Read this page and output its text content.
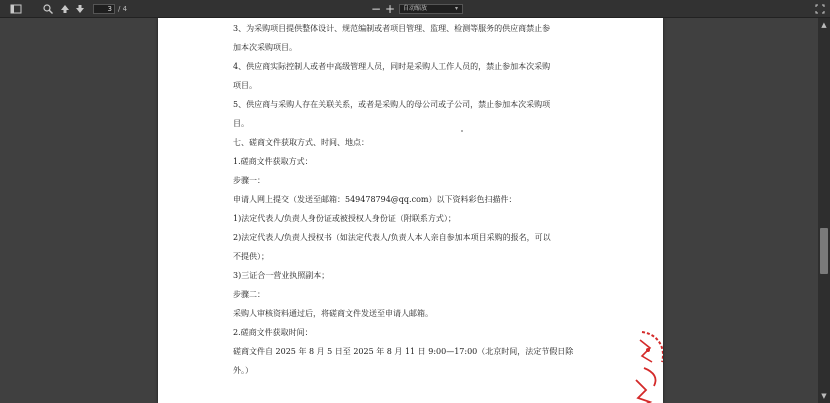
3 / 4	− +	自动缩放	▾
3、为采购项目提供整体设计、规范编制或者项目管理、监理、检测等服务的供应商禁止参
加本次采购项目。
4、供应商实际控制人或者中高级管理人员，同时是采购人工作人员的，禁止参加本次采购
项目。
5、供应商与采购人存在关联关系，或者是采购人的母公司或子公司，禁止参加本次采购项
目。
七、磋商文件获取方式、时间、地点：
1.磋商文件获取方式：
步骤一：
申请人网上提交（发送至邮箱：549478794@qq.com）以下资料彩色扫描件：
1)法定代表人/负责人身份证或被授权人身份证（附联系方式）；
2)法定代表人/负责人授权书（如法定代表人/负责人本人亲自参加本项目采购的报名，可以
不提供）；
3)三证合一营业执照副本；
步骤二：
采购人审核资料通过后，将磋商文件发送至申请人邮箱。
2.磋商文件获取时间：
磋商文件自 2025 年 8 月 5 日至 2025 年 8 月 11 日 9:00—17:00（北京时间，法定节假日除
外。）
▲
▼
